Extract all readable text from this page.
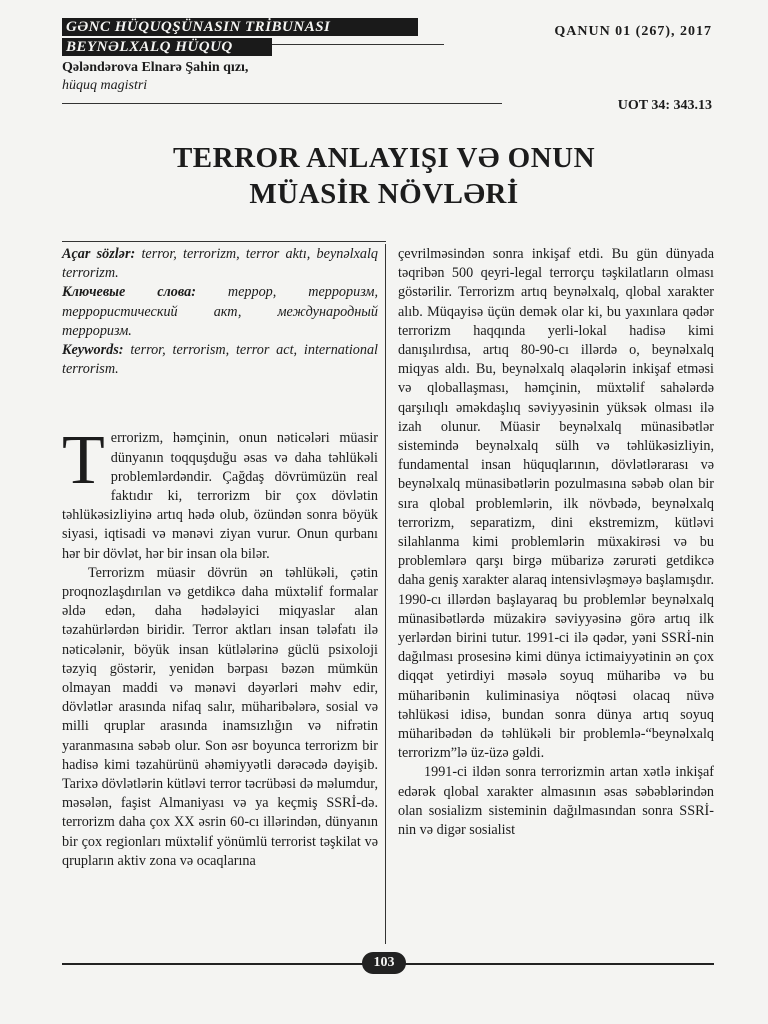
GƏNC HÜQUQŞÜNASIN TRİBUNASI
BEYNƏLXALQ HÜQUQ
QANUN 01 (267), 2017
Qələndərova Elnarə Şahin qızı,
hüquq magistri
UOT 34: 343.13
TERROR ANLAYIŞI VƏ ONUN
MÜASİR NÖVLƏRİ

Açar sözlər: terror, terrorizm, terror aktı, beynəlxalq terrorizm.

Ключевые слова: террор, терроризм, террористический акт, международный терроризм.

Keywords: terror, terrorism, terror act, international terrorism.

Terrorizm, həmçinin, onun nəticələri müasir dünyanın toqquşduğu əsas və daha təhlükəli problemlərdəndir. Çağdaş dövrümüzün real faktıdır ki, terrorizm bir çox dövlətin təhlükəsizliyinə artıq hədə olub, özündən sonra böyük siyasi, iqtisadi və mənəvi ziyan vurur. Onun qurbanı hər bir dövlət, hər bir insan ola bilər.

Terrorizm müasir dövrün ən təhlükəli, çətin proqnozlaşdırılan və getdikcə daha müxtəlif formalar əldə edən, daha hədələyici miqyaslar alan təzahürlərdən biridir. Terror aktları insan tələfatı ilə nəticələnir, böyük insan kütlələrinə güclü psixoloji təzyiq göstərir, yenidən bərpası bəzən mümkün olmayan maddi və mənəvi dəyərləri məhv edir, dövlətlər arasında nifaq salır, müharibələrə, sosial və milli qruplar arasında inamsızlığın və nifrətin yaranmasına səbəb olur. Son əsr boyunca terrorizm bir hadisə kimi təzahürünü əhəmiyyətli dərəcədə dəyişib. Tarixə dövlətlərin kütləvi terror təcrübəsi də məlumdur, məsələn, faşist Almaniyası və ya keçmiş SSRİ-də. terrorizm daha çox XX əsrin 60-cı illərindən, dünyanın bir çox regionları müxtəlif yönümlü terrorist təşkilat və qrupların aktiv zona və ocaqlarına

çevrilməsindən sonra inkişaf etdi. Bu gün dünyada təqribən 500 qeyri-legal terrorçu təşkilatların olması göstərilir. Terrorizm artıq beynəlxalq, qlobal xarakter alıb. Müqayisə üçün demək olar ki, bu yaxınlara qədər terrorizm haqqında yerli-lokal hadisə kimi danışılırdısa, artıq 80-90-cı illərdə o, beynəlxalq miqyas aldı. Bu, beynəlxalq əlaqələrin inkişaf etməsi və qloballaşması, həmçinin, müxtəlif sahələrdə qarşılıqlı əməkdaşlıq səviyyəsinin yüksək olması ilə izah olunur. Müasir beynəlxalq münasibətlər sistemində beynəlxalq sülh və təhlükəsizliyin, fundamental insan hüquqlarının, dövlətlərarası və beynəlxalq münasibətlərin pozulmasına səbəb olan bir sıra qlobal problemlərin, ilk növbədə, beynəlxalq terrorizm, separatizm, dini ekstremizm, kütləvi silahlanma kimi problemlərin müxakirəsi və bu problemlərə qarşı birgə mübarizə zərurəti getdikcə daha geniş xarakter alaraq intensivləşməyə başlamışdır. 1990-cı illərdən başlayaraq bu problemlər beynəlxalq münasibətlərdə müzakirə səviyyəsinə görə artıq ilk yerlərdən birini tutur. 1991-ci ilə qədər, yəni SSRİ-nin dağılması prosesinə kimi dünya ictimaiyyətinin ən çox diqqət yetirdiyi məsələ soyuq müharibə və bu müharibənin kuliminasiya nöqtəsi olacaq nüvə təhlükəsi idisə, bundan sonra dünya artıq soyuq müharibədən də təhlükəli bir problemlə-“beynəlxalq terrorizm”lə üz-üzə gəldi.

1991-ci ildən sonra terrorizmin artan xətlə inkişaf edərək qlobal xarakter almasının əsas səbəblərindən olan sosializm sisteminin dağılmasından sonra SSRİ-nin və digər sosialist

103
